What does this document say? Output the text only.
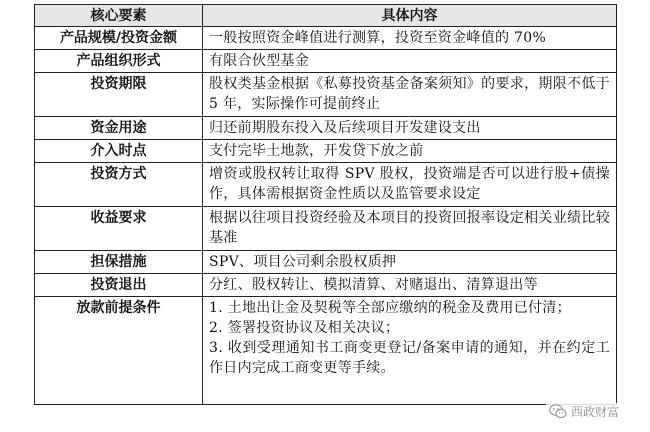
核心要素	具体内容
产品规模/投资金额	一般按照资金峰值进行测算，投资至资金峰值的 70%

产品组织形式	有限合伙型基金

投资期限	股权类基金根据《私募投资基金备案须知》的要求，期限不低于 5 年，实际操作可提前终止

资金用途	归还前期股东投入及后续项目开发建设支出

介入时点	支付完毕土地款，开发贷下放之前

投资方式	增资或股权转让取得 SPV 股权，投资端是否可以进行股+债操作，具体需根据资金性质以及监管要求设定

收益要求	根据以往项目投资经验及本项目的投资回报率设定相关业绩比较基准

担保措施	SPV、项目公司剩余股权质押

投资退出	分红、股权转让、模拟清算、对赌退出、清算退出等

放款前提条件	1. 土地出让金及契税等全部应缴纳的税金及费用已付清；
2. 签署投资协议及相关决议；
3. 收到受理通知书工商变更登记/备案申请的通知，并在约定工作日内完成工商变更等手续。
西政财富
